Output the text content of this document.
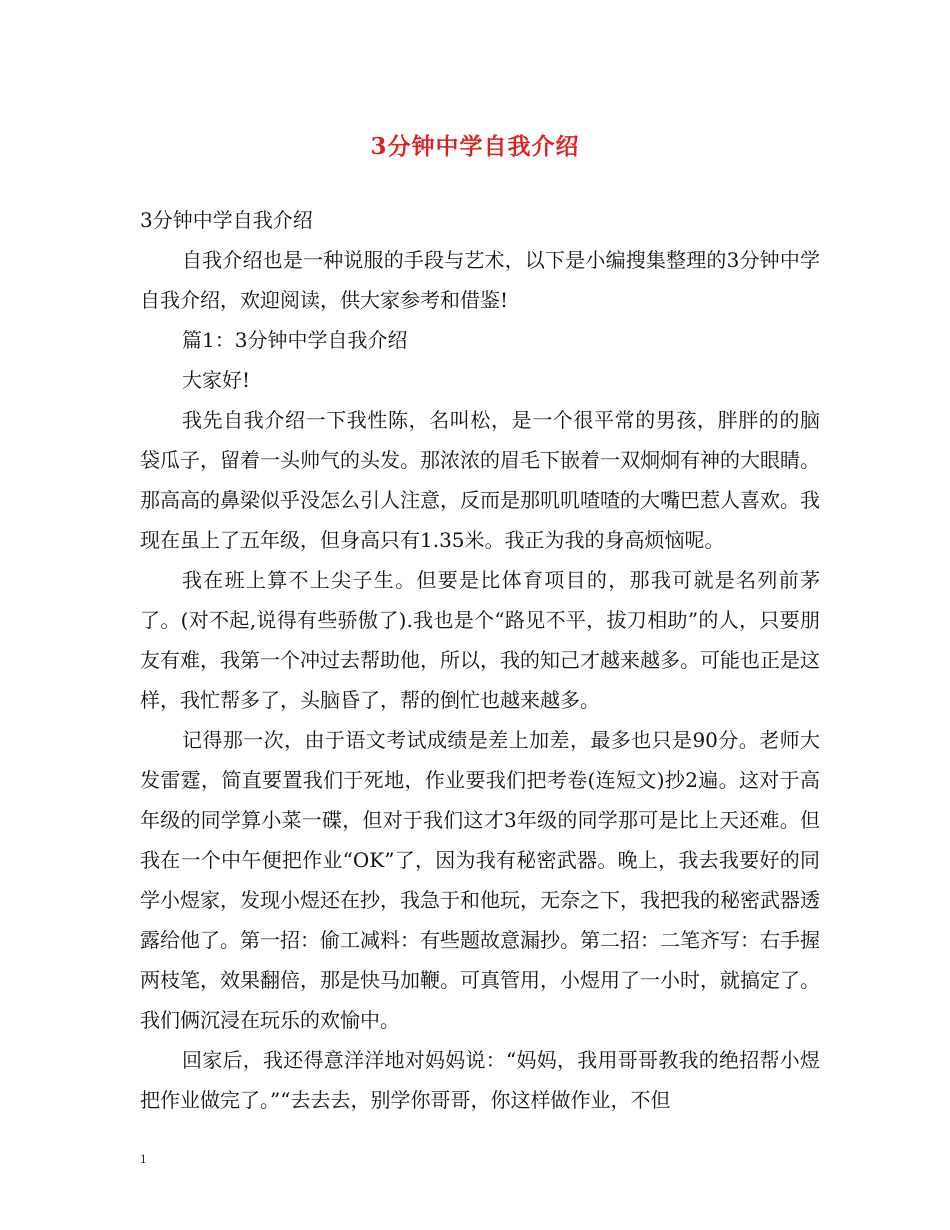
3分钟中学自我介绍

3分钟中学自我介绍

自我介绍也是一种说服的手段与艺术，以下是小编搜集整理的3分钟中学自我介绍，欢迎阅读，供大家参考和借鉴!

篇1：3分钟中学自我介绍

大家好!

我先自我介绍一下我性陈，名叫松，是一个很平常的男孩，胖胖的的脑袋瓜子，留着一头帅气的头发。那浓浓的眉毛下嵌着一双炯炯有神的大眼睛。那高高的鼻梁似乎没怎么引人注意，反而是那叽叽喳喳的大嘴巴惹人喜欢。我现在虽上了五年级，但身高只有1.35米。我正为我的身高烦恼呢。

我在班上算不上尖子生。但要是比体育项目的，那我可就是名列前茅了。(对不起,说得有些骄傲了).我也是个“路见不平，拔刀相助”的人，只要朋友有难，我第一个冲过去帮助他，所以，我的知己才越来越多。可能也正是这样，我忙帮多了，头脑昏了，帮的倒忙也越来越多。

记得那一次，由于语文考试成绩是差上加差，最多也只是90分。老师大发雷霆，简直要置我们于死地，作业要我们把考卷(连短文)抄2遍。这对于高年级的同学算小菜一碟，但对于我们这才3年级的同学那可是比上天还难。但我在一个中午便把作业“OK”了，因为我有秘密武器。晚上，我去我要好的同学小煜家，发现小煜还在抄，我急于和他玩，无奈之下，我把我的秘密武器透露给他了。第一招：偷工减料：有些题故意漏抄。第二招：二笔齐写：右手握两枝笔，效果翻倍，那是快马加鞭。可真管用，小煜用了一小时，就搞定了。我们俩沉浸在玩乐的欢愉中。

回家后，我还得意洋洋地对妈妈说：“妈妈，我用哥哥教我的绝招帮小煜把作业做完了。”“去去去，别学你哥哥，你这样做作业，不但

1
